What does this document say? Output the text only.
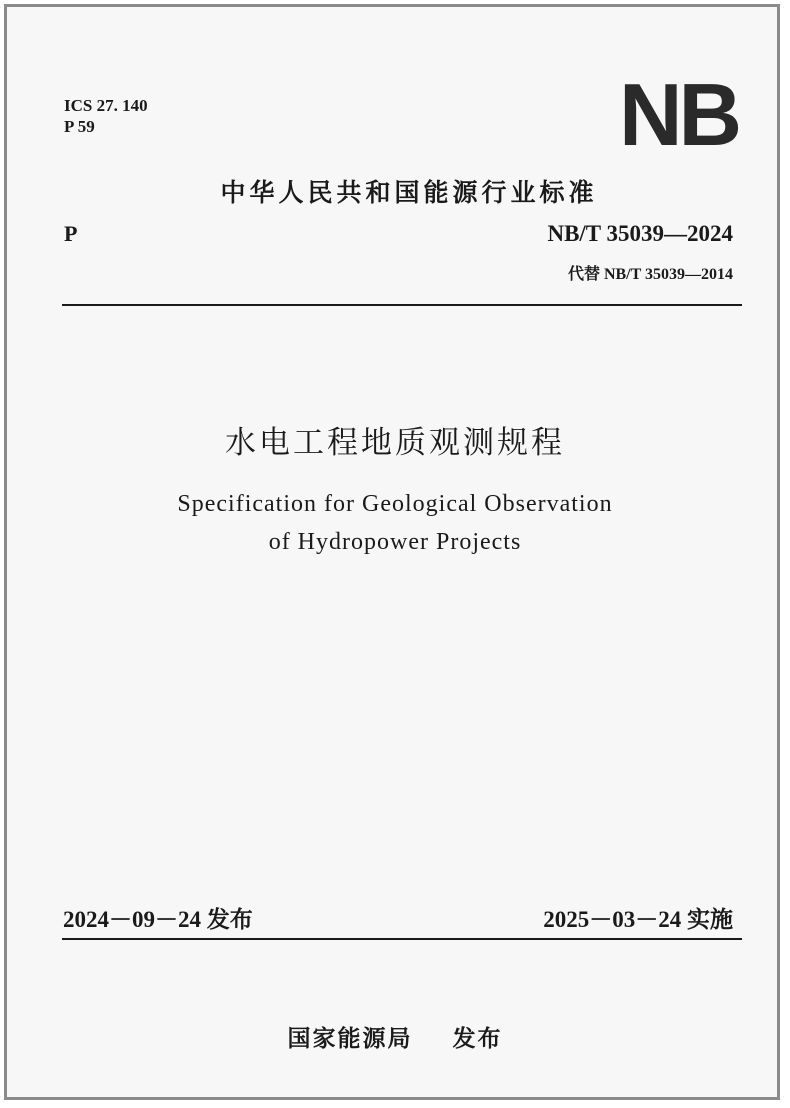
ICS 27. 140
P 59	NB
中华人民共和国能源行业标准
P	NB/T 35039—2024
代替 NB/T 35039—2014
水电工程地质观测规程
Specification for Geological Observation
of Hydropower Projects
2024－09－24 发布	2025－03－24 实施
国家能源局 发布
